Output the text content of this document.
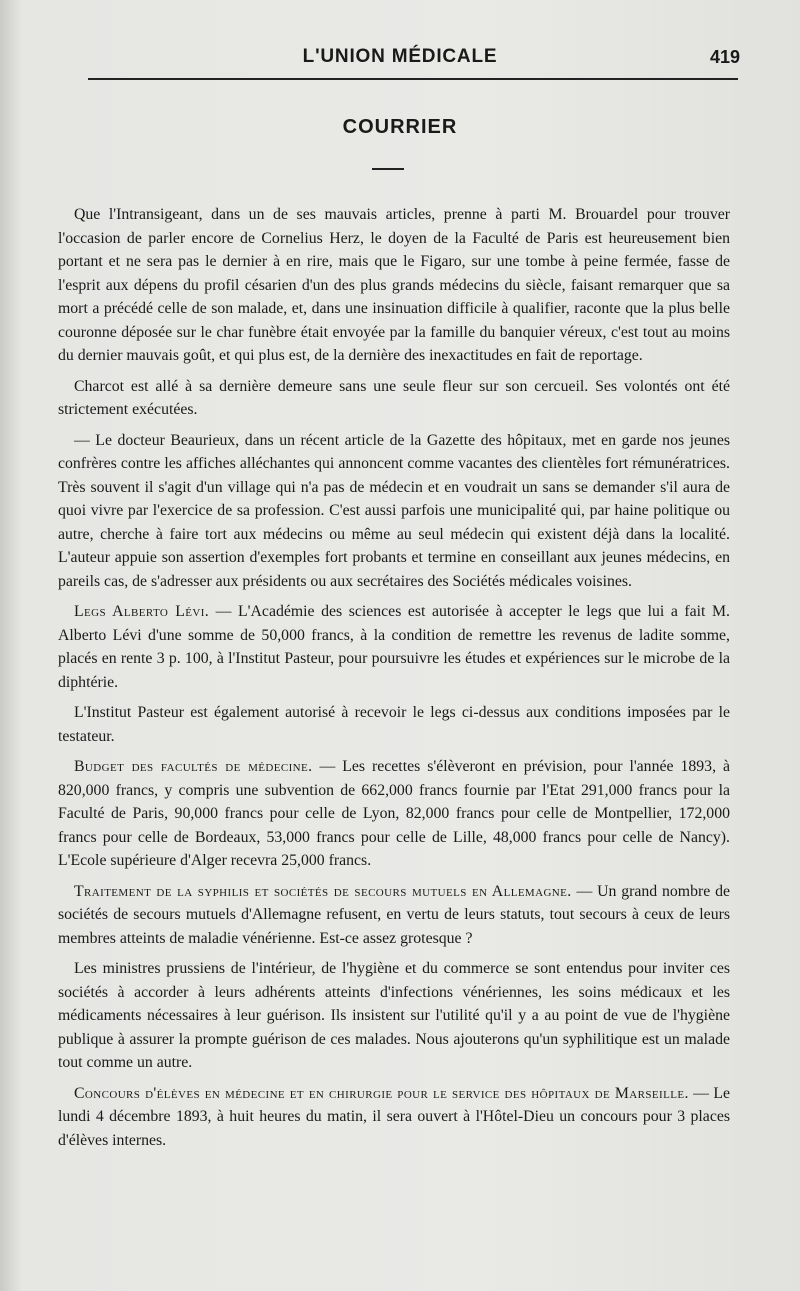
L'UNION MÉDICALE	419
COURRIER

Que l'Intransigeant, dans un de ses mauvais articles, prenne à parti M. Brouardel pour trouver l'occasion de parler encore de Cornelius Herz, le doyen de la Faculté de Paris est heureusement bien portant et ne sera pas le dernier à en rire, mais que le Figaro, sur une tombe à peine fermée, fasse de l'esprit aux dépens du profil césarien d'un des plus grands médecins du siècle, faisant remarquer que sa mort a précédé celle de son malade, et, dans une insinuation difficile à qualifier, raconte que la plus belle couronne déposée sur le char funèbre était envoyée par la famille du banquier véreux, c'est tout au moins du dernier mauvais goût, et qui plus est, de la dernière des inexactitudes en fait de reportage.

Charcot est allé à sa dernière demeure sans une seule fleur sur son cercueil. Ses volontés ont été strictement exécutées.

— Le docteur Beaurieux, dans un récent article de la Gazette des hôpitaux, met en garde nos jeunes confrères contre les affiches alléchantes qui annoncent comme vacantes des clientèles fort rémunératrices. Très souvent il s'agit d'un village qui n'a pas de médecin et en voudrait un sans se demander s'il aura de quoi vivre par l'exercice de sa profession. C'est aussi parfois une municipalité qui, par haine politique ou autre, cherche à faire tort aux médecins ou même au seul médecin qui existent déjà dans la localité. L'auteur appuie son assertion d'exemples fort probants et termine en conseillant aux jeunes médecins, en pareils cas, de s'adresser aux présidents ou aux secrétaires des Sociétés médicales voisines.

Legs Alberto Lévi. — L'Académie des sciences est autorisée à accepter le legs que lui a fait M. Alberto Lévi d'une somme de 50,000 francs, à la condition de remettre les revenus de ladite somme, placés en rente 3 p. 100, à l'Institut Pasteur, pour poursuivre les études et expériences sur le microbe de la diphtérie.

L'Institut Pasteur est également autorisé à recevoir le legs ci-dessus aux conditions imposées par le testateur.

Budget des facultés de médecine. — Les recettes s'élèveront en prévision, pour l'année 1893, à 820,000 francs, y compris une subvention de 662,000 francs fournie par l'Etat 291,000 francs pour la Faculté de Paris, 90,000 francs pour celle de Lyon, 82,000 francs pour celle de Montpellier, 172,000 francs pour celle de Bordeaux, 53,000 francs pour celle de Lille, 48,000 francs pour celle de Nancy). L'Ecole supérieure d'Alger recevra 25,000 francs.

Traitement de la syphilis et sociétés de secours mutuels en Allemagne. — Un grand nombre de sociétés de secours mutuels d'Allemagne refusent, en vertu de leurs statuts, tout secours à ceux de leurs membres atteints de maladie vénérienne. Est-ce assez grotesque ?

Les ministres prussiens de l'intérieur, de l'hygiène et du commerce se sont entendus pour inviter ces sociétés à accorder à leurs adhérents atteints d'infections vénériennes, les soins médicaux et les médicaments nécessaires à leur guérison. Ils insistent sur l'utilité qu'il y a au point de vue de l'hygiène publique à assurer la prompte guérison de ces malades. Nous ajouterons qu'un syphilitique est un malade tout comme un autre.

Concours d'élèves en médecine et en chirurgie pour le service des hôpitaux de Marseille. — Le lundi 4 décembre 1893, à huit heures du matin, il sera ouvert à l'Hôtel-Dieu un concours pour 3 places d'élèves internes.
